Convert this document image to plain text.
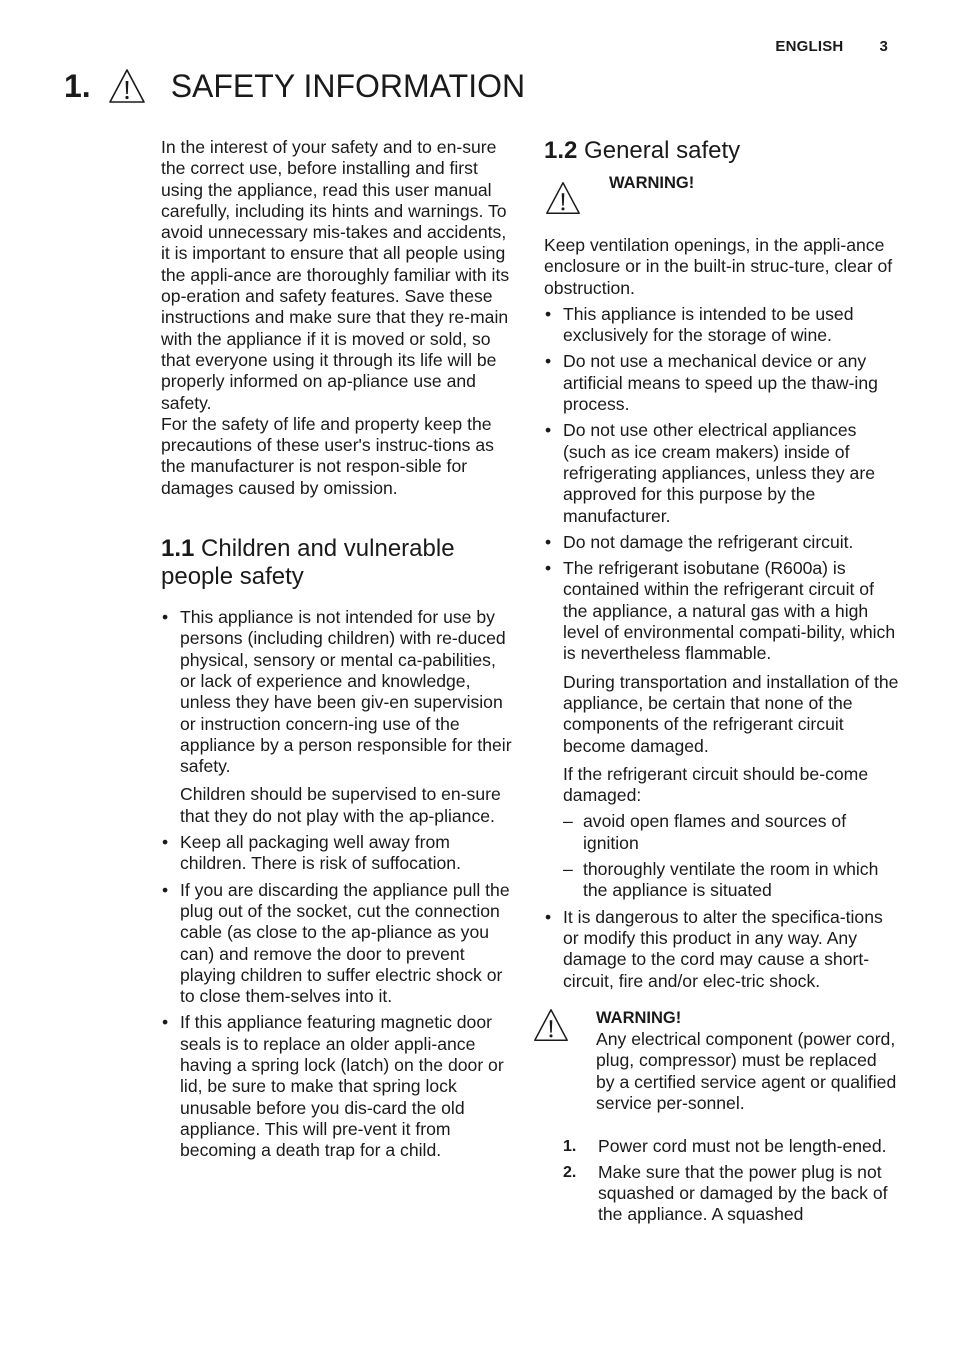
ENGLISH 3
1.	SAFETY INFORMATION

In the interest of your safety and to en-sure the correct use, before installing and first using the appliance, read this user manual carefully, including its hints and warnings. To avoid unnecessary mis-takes and accidents, it is important to ensure that all people using the appli-ance are thoroughly familiar with its op-eration and safety features. Save these instructions and make sure that they re-main with the appliance if it is moved or sold, so that everyone using it through its life will be properly informed on ap-pliance use and safety.

For the safety of life and property keep the precautions of these user's instruc-tions as the manufacturer is not respon-sible for damages caused by omission.

1.1 Children and vulnerable people safety
• This appliance is not intended for use by persons (including children) with re-duced physical, sensory or mental ca-pabilities, or lack of experience and knowledge, unless they have been giv-en supervision or instruction concern-ing use of the appliance by a person responsible for their safety.

Children should be supervised to en-sure that they do not play with the ap-pliance.

• Keep all packaging well away from children. There is risk of suffocation.
• If you are discarding the appliance pull the plug out of the socket, cut the connection cable (as close to the ap-pliance as you can) and remove the door to prevent playing children to suffer electric shock or to close them-selves into it.
• If this appliance featuring magnetic door seals is to replace an older appli-ance having a spring lock (latch) on the door or lid, be sure to make that spring lock unusable before you dis-card the old appliance. This will pre-vent it from becoming a death trap for a child.
1.2 General safety
WARNING!

Keep ventilation openings, in the appli-ance enclosure or in the built-in struc-ture, clear of obstruction.

• This appliance is intended to be used exclusively for the storage of wine.
• Do not use a mechanical device or any artificial means to speed up the thaw-ing process.
• Do not use other electrical appliances (such as ice cream makers) inside of refrigerating appliances, unless they are approved for this purpose by the manufacturer.
• Do not damage the refrigerant circuit.
• The refrigerant isobutane (R600a) is contained within the refrigerant circuit of the appliance, a natural gas with a high level of environmental compati-bility, which is nevertheless flammable.

During transportation and installation of the appliance, be certain that none of the components of the refrigerant circuit become damaged.

If the refrigerant circuit should be-come damaged:

– avoid open flames and sources of ignition
– thoroughly ventilate the room in which the appliance is situated
• It is dangerous to alter the specifica-tions or modify this product in any way. Any damage to the cord may cause a short-circuit, fire and/or elec-tric shock.
WARNING!

Any electrical component (power cord, plug, compressor) must be replaced by a certified service agent or qualified service per-sonnel.

1. Power cord must not be length-ened.
2. Make sure that the power plug is not squashed or damaged by the back of the appliance. A squashed
